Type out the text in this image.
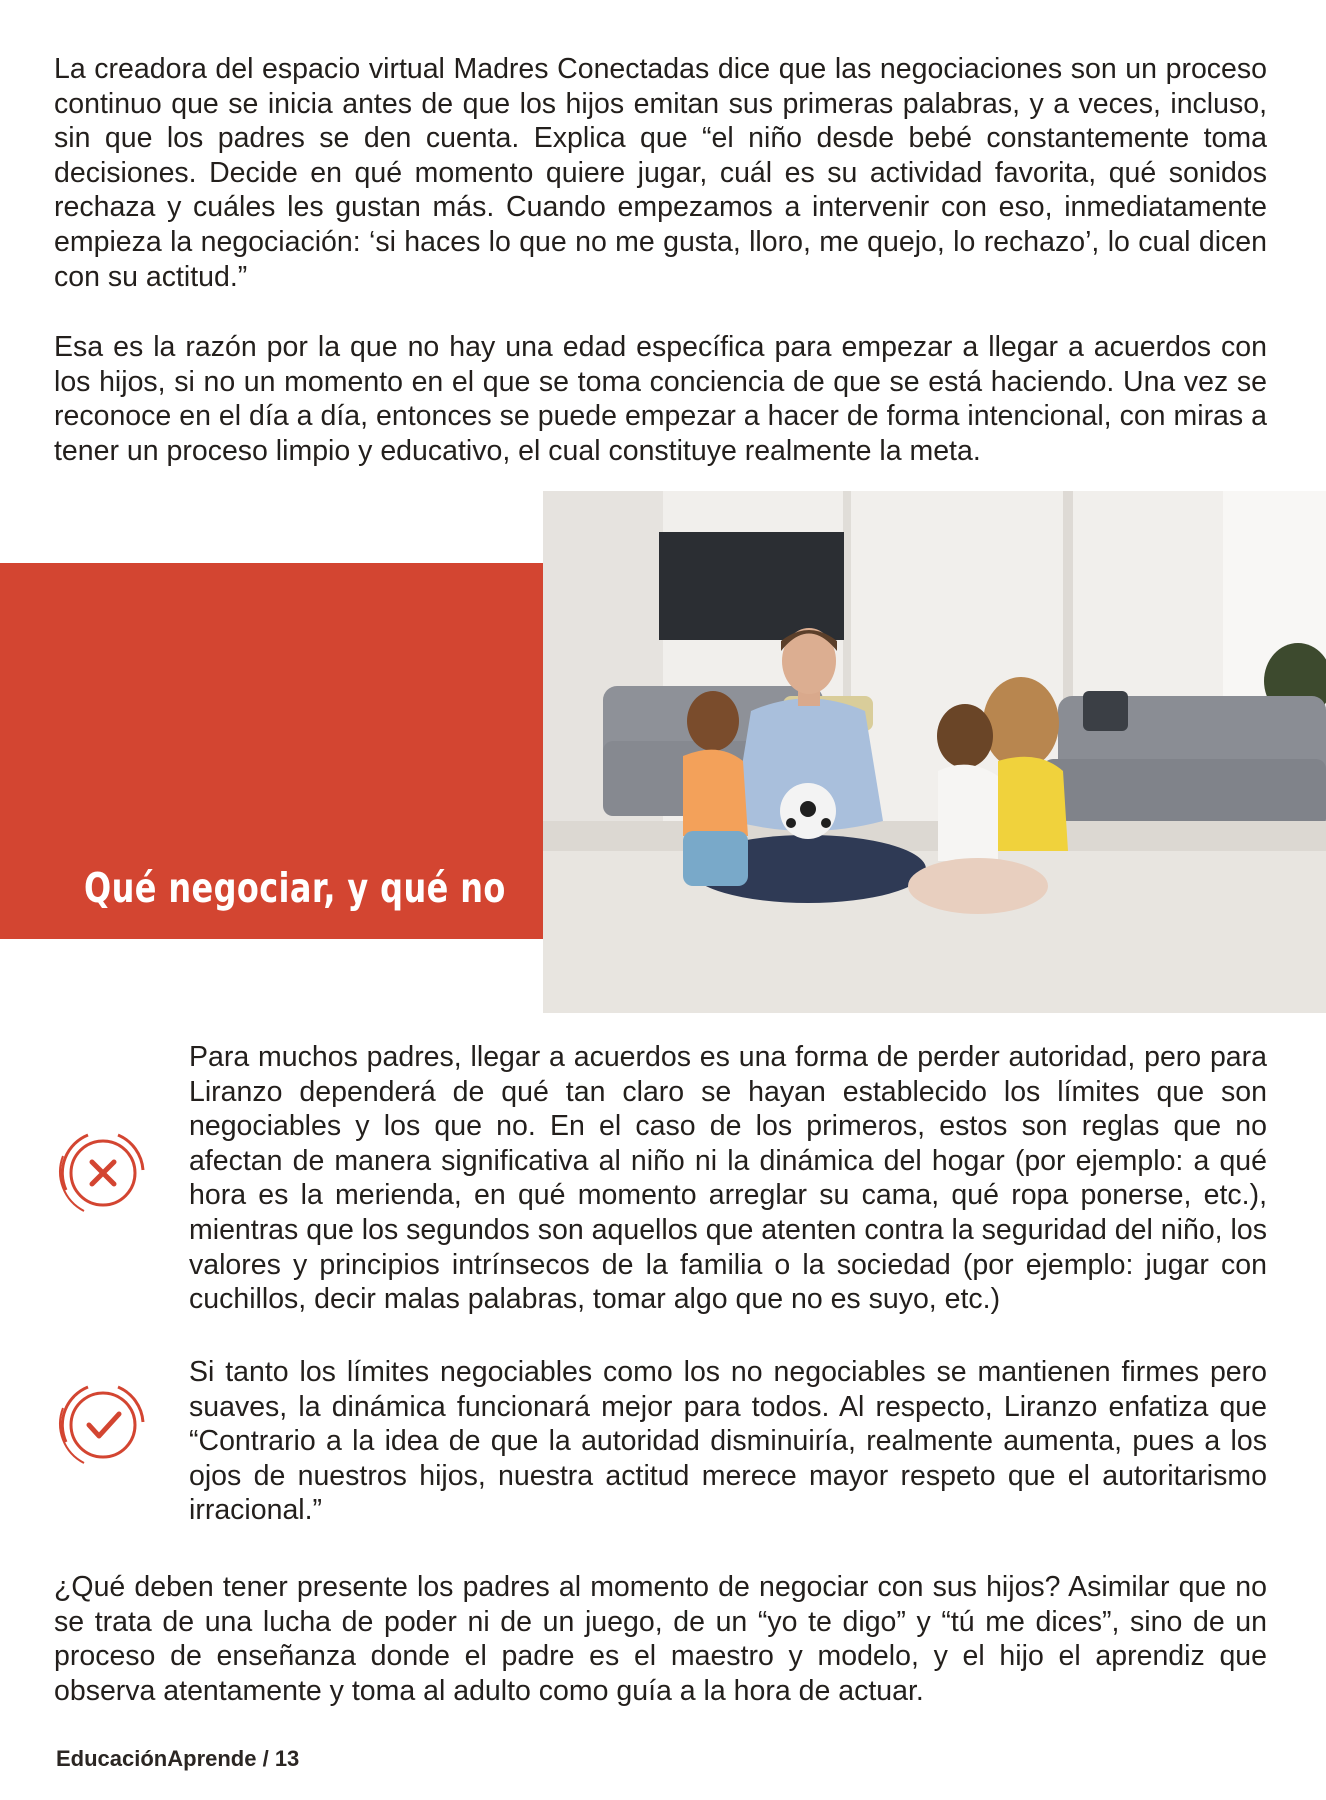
La creadora del espacio virtual Madres Conectadas dice que las negociaciones son un proceso continuo que se inicia antes de que los hijos emitan sus primeras palabras, y a veces, incluso, sin que los padres se den cuenta. Explica que “el niño desde bebé constantemente toma decisiones. Decide en qué momento quiere jugar, cuál es su actividad favorita, qué sonidos rechaza y cuáles les gustan más. Cuando empezamos a intervenir con eso, inmediatamente empieza la negociación: ‘si haces lo que no me gusta, lloro, me quejo, lo rechazo’, lo cual dicen con su actitud.”

Esa es la razón por la que no hay una edad específica para empezar a llegar a acuerdos con los hijos, si no un momento en el que se toma conciencia de que se está haciendo. Una vez se reconoce en el día a día, entonces se puede empezar a hacer de forma intencional, con miras a tener un proceso limpio y educativo, el cual constituye realmente la meta.

Qué negociar, y qué no

Para muchos padres, llegar a acuerdos es una forma de perder autoridad, pero para Liranzo dependerá de qué tan claro se hayan establecido los límites que son negociables y los que no. En el caso de los primeros, estos son reglas que no afectan de manera significativa al niño ni la dinámica del hogar (por ejemplo: a qué hora es la merienda, en qué momento arreglar su cama, qué ropa ponerse, etc.), mientras que los segundos son aquellos que atenten contra la seguridad del niño, los valores y principios intrínsecos de la familia o la sociedad (por ejemplo: jugar con cuchillos, decir malas palabras, tomar algo que no es suyo, etc.)

Si tanto los límites negociables como los no negociables se mantienen firmes pero suaves, la dinámica funcionará mejor para todos. Al respecto, Liranzo enfatiza que “Contrario a la idea de que la autoridad disminuiría, realmente aumenta, pues a los ojos de nuestros hijos, nuestra actitud merece mayor respeto que el autoritarismo irracional.”

¿Qué deben tener presente los padres al momento de negociar con sus hijos? Asimilar que no se trata de una lucha de poder ni de un juego, de un “yo te digo” y “tú me dices”, sino de un proceso de enseñanza donde el padre es el maestro y modelo, y el hijo el aprendiz que observa atentamente y toma al adulto como guía a la hora de actuar.

EducaciónAprende / 13
